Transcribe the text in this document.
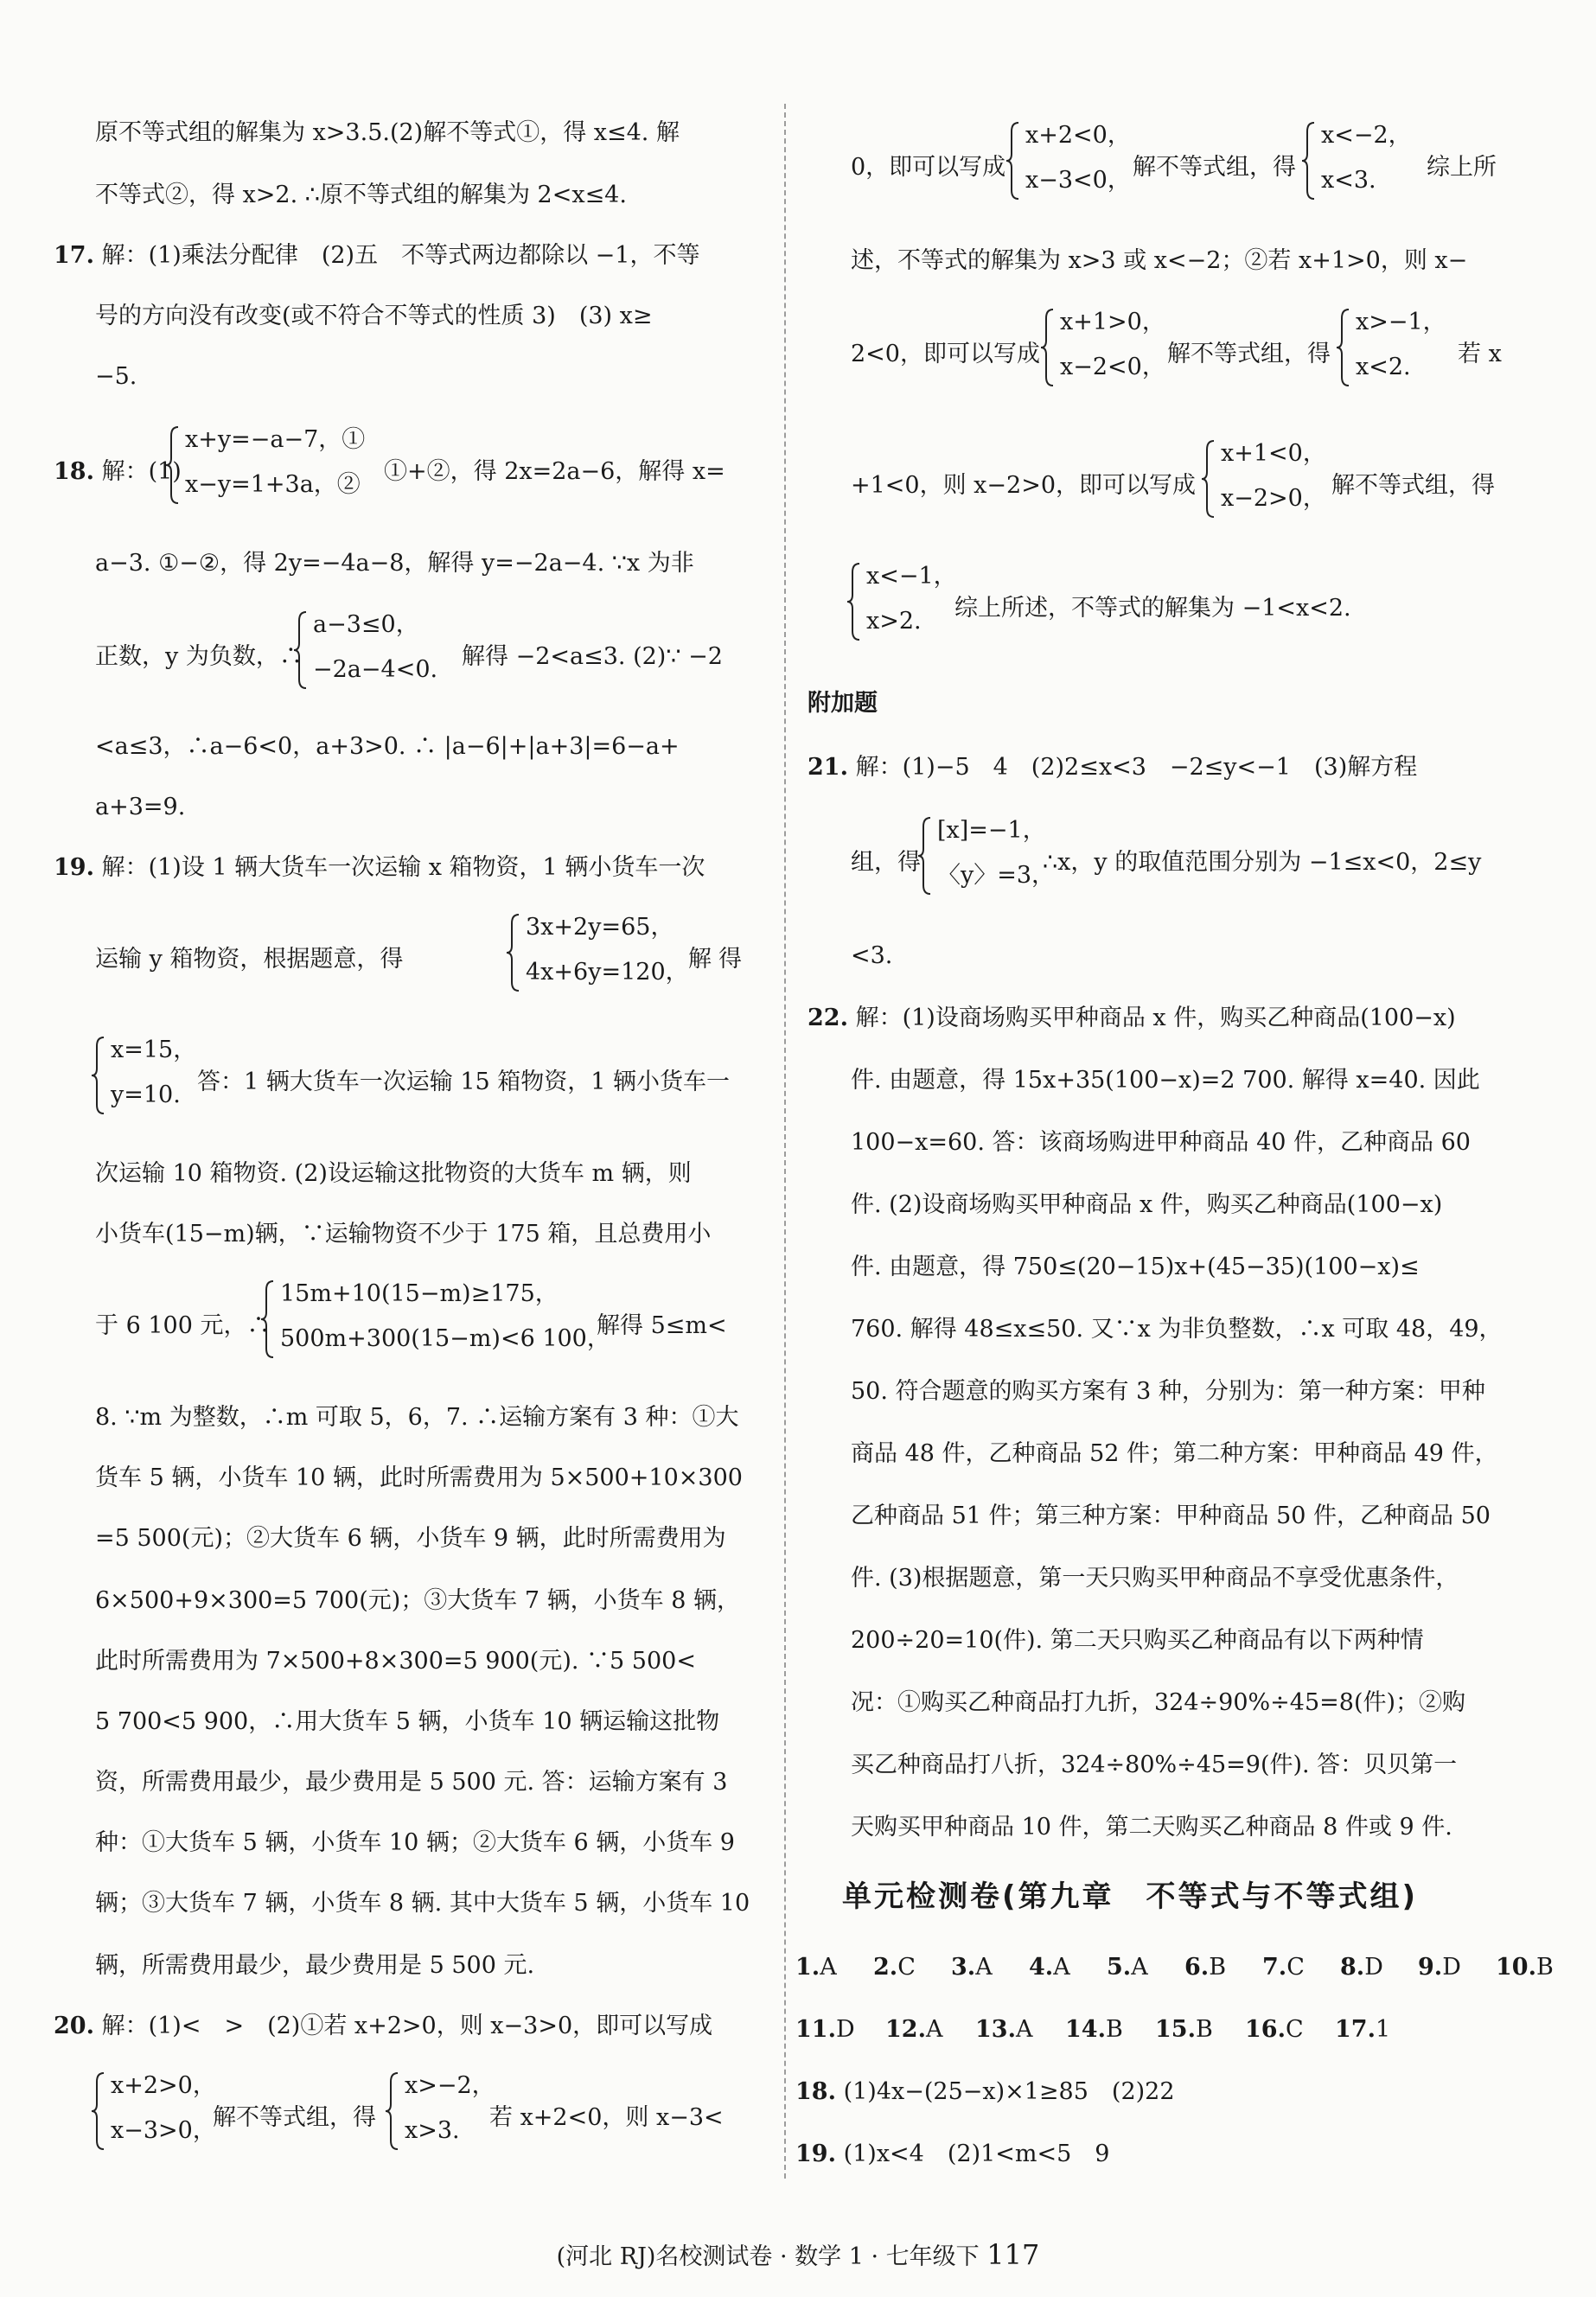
原不等式组的解集为 x>3.5.(2)解不等式①，得 x≤4. 解
不等式②，得 x>2. ∴原不等式组的解集为 2<x≤4.
17. 解：(1)乘法分配律　(2)五　不等式两边都除以 −1，不等
号的方向没有改变(或不符合不等式的性质 3)　(3) x≥
−5.
18. 解：(1)
x+y=−a−7，①
x−y=1+3a，② ①+②，得 2x=2a−6，解得 x=
a−3. ①−②，得 2y=−4a−8，解得 y=−2a−4. ∵x 为非
正数，y 为负数，∴
a−3≤0，
−2a−4<0. 解得 −2<a≤3. (2)∵ −2
<a≤3，∴a−6<0，a+3>0. ∴ |a−6|+|a+3|=6−a+
a+3=9.
19. 解：(1)设 1 辆大货车一次运输 x 箱物资，1 辆小货车一次
运输 y 箱物资，根据题意，得
3x+2y=65，
4x+6y=120， 解得
x=15，
y=10. 答：1 辆大货车一次运输 15 箱物资，1 辆小货车一
次运输 10 箱物资. (2)设运输这批物资的大货车 m 辆，则
小货车(15−m)辆，∵运输物资不少于 175 箱，且总费用小
于 6 100 元，∴
15m+10(15−m)≥175，
500m+300(15−m)<6 100，
解得 5≤m<
8. ∵m 为整数，∴m 可取 5，6，7. ∴运输方案有 3 种：①大
货车 5 辆，小货车 10 辆，此时所需费用为 5×500+10×300
=5 500(元)；②大货车 6 辆，小货车 9 辆，此时所需费用为
6×500+9×300=5 700(元)；③大货车 7 辆，小货车 8 辆，
此时所需费用为 7×500+8×300=5 900(元). ∵5 500<
5 700<5 900，∴用大货车 5 辆，小货车 10 辆运输这批物
资，所需费用最少，最少费用是 5 500 元. 答：运输方案有 3
种：①大货车 5 辆，小货车 10 辆；②大货车 6 辆，小货车 9
辆；③大货车 7 辆，小货车 8 辆. 其中大货车 5 辆，小货车 10
辆，所需费用最少，最少费用是 5 500 元.
20. 解：(1)<　>　(2)①若 x+2>0，则 x−3>0，即可以写成
x+2>0，
x−3>0，
解不等式组，得
x>−2，
x>3. 若 x+2<0，则 x−3<
0，即可以写成
x+2<0，
x−3<0， 解不等式组，得
x<−2，
x<3. 综上所
述，不等式的解集为 x>3 或 x<−2；②若 x+1>0，则 x−
2<0，即可以写成
x+1>0，
x−2<0， 解不等式组，得
x>−1，
x<2. 若 x
+1<0，则 x−2>0，即可以写成
x+1<0，
x−2>0， 解不等式组，得
x<−1，
x>2. 综上所述，不等式的解集为 −1<x<2.
附加题
21. 解：(1)−5　4　(2)2≤x<3　−2≤y<−1　(3)解方程
组，得
[x]=−1，
〈y〉=3，
∴x，y 的取值范围分别为 −1≤x<0，2≤y
<3.
22. 解：(1)设商场购买甲种商品 x 件，购买乙种商品(100−x)
件. 由题意，得 15x+35(100−x)=2 700. 解得 x=40. 因此
100−x=60. 答：该商场购进甲种商品 40 件，乙种商品 60
件. (2)设商场购买甲种商品 x 件，购买乙种商品(100−x)
件. 由题意，得 750≤(20−15)x+(45−35)(100−x)≤
760. 解得 48≤x≤50. 又∵x 为非负整数，∴x 可取 48，49，
50. 符合题意的购买方案有 3 种，分别为：第一种方案：甲种
商品 48 件，乙种商品 52 件；第二种方案：甲种商品 49 件，
乙种商品 51 件；第三种方案：甲种商品 50 件，乙种商品 50
件. (3)根据题意，第一天只购买甲种商品不享受优惠条件，
200÷20=10(件). 第二天只购买乙种商品有以下两种情
况：①购买乙种商品打九折，324÷90%÷45=8(件)；②购
买乙种商品打八折，324÷80%÷45=9(件). 答：贝贝第一
天购买甲种商品 10 件，第二天购买乙种商品 8 件或 9 件.
单元检测卷(第九章　不等式与不等式组)
1.A 2.C 3.A 4.A 5.A 6.B 7.C 8.D 9.D 10.B
11.D 12.A 13.A 14.B 15.B 16.C 17.1
18. (1)4x−(25−x)×1≥85　(2)22
19. (1)x<4　(2)1<m<5　9
(河北 RJ)名校测试卷 · 数学 1 · 七年级下 117
